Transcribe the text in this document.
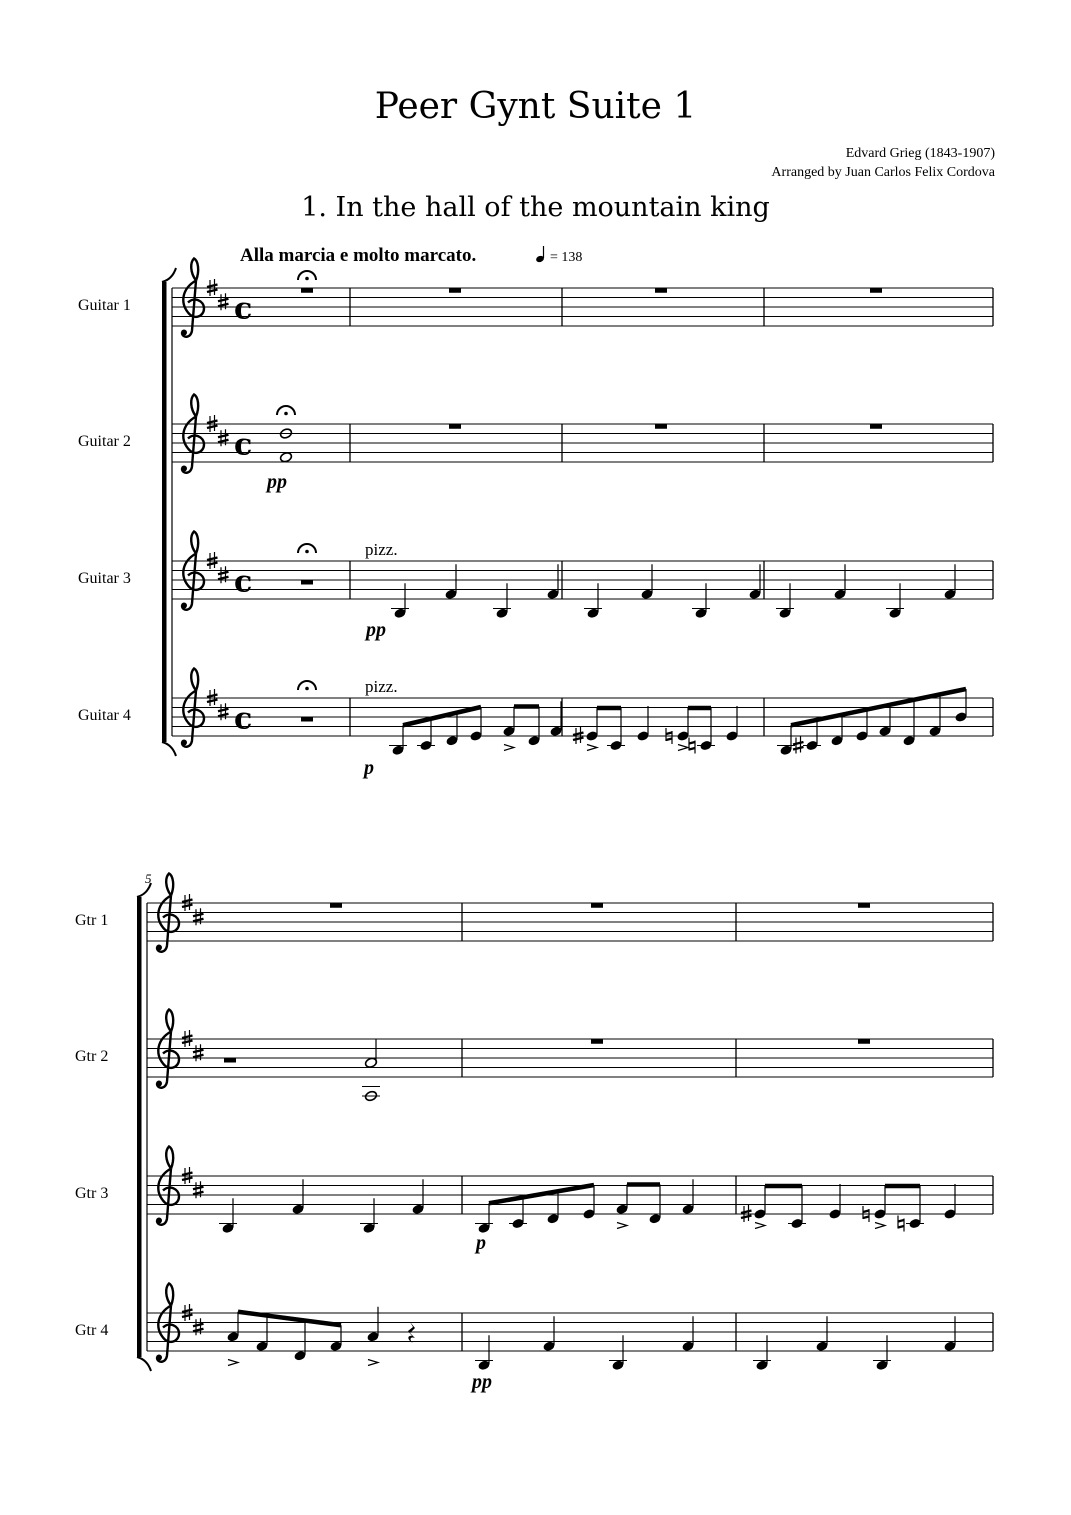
Peer Gynt Suite 1
Edvard Grieg (1843-1907)
Arranged by Juan Carlos Felix Cordova
1. In the hall of the mountain king
Alla marcia e molto marcato.	= 138
Guitar 1
Guitar 2
Guitar 3
Guitar 4
Gtr 1
Gtr 2
Gtr 3
Gtr 4
5
pizz.
pizz.
pp
pp
p
p
pp
c
c
c
c
